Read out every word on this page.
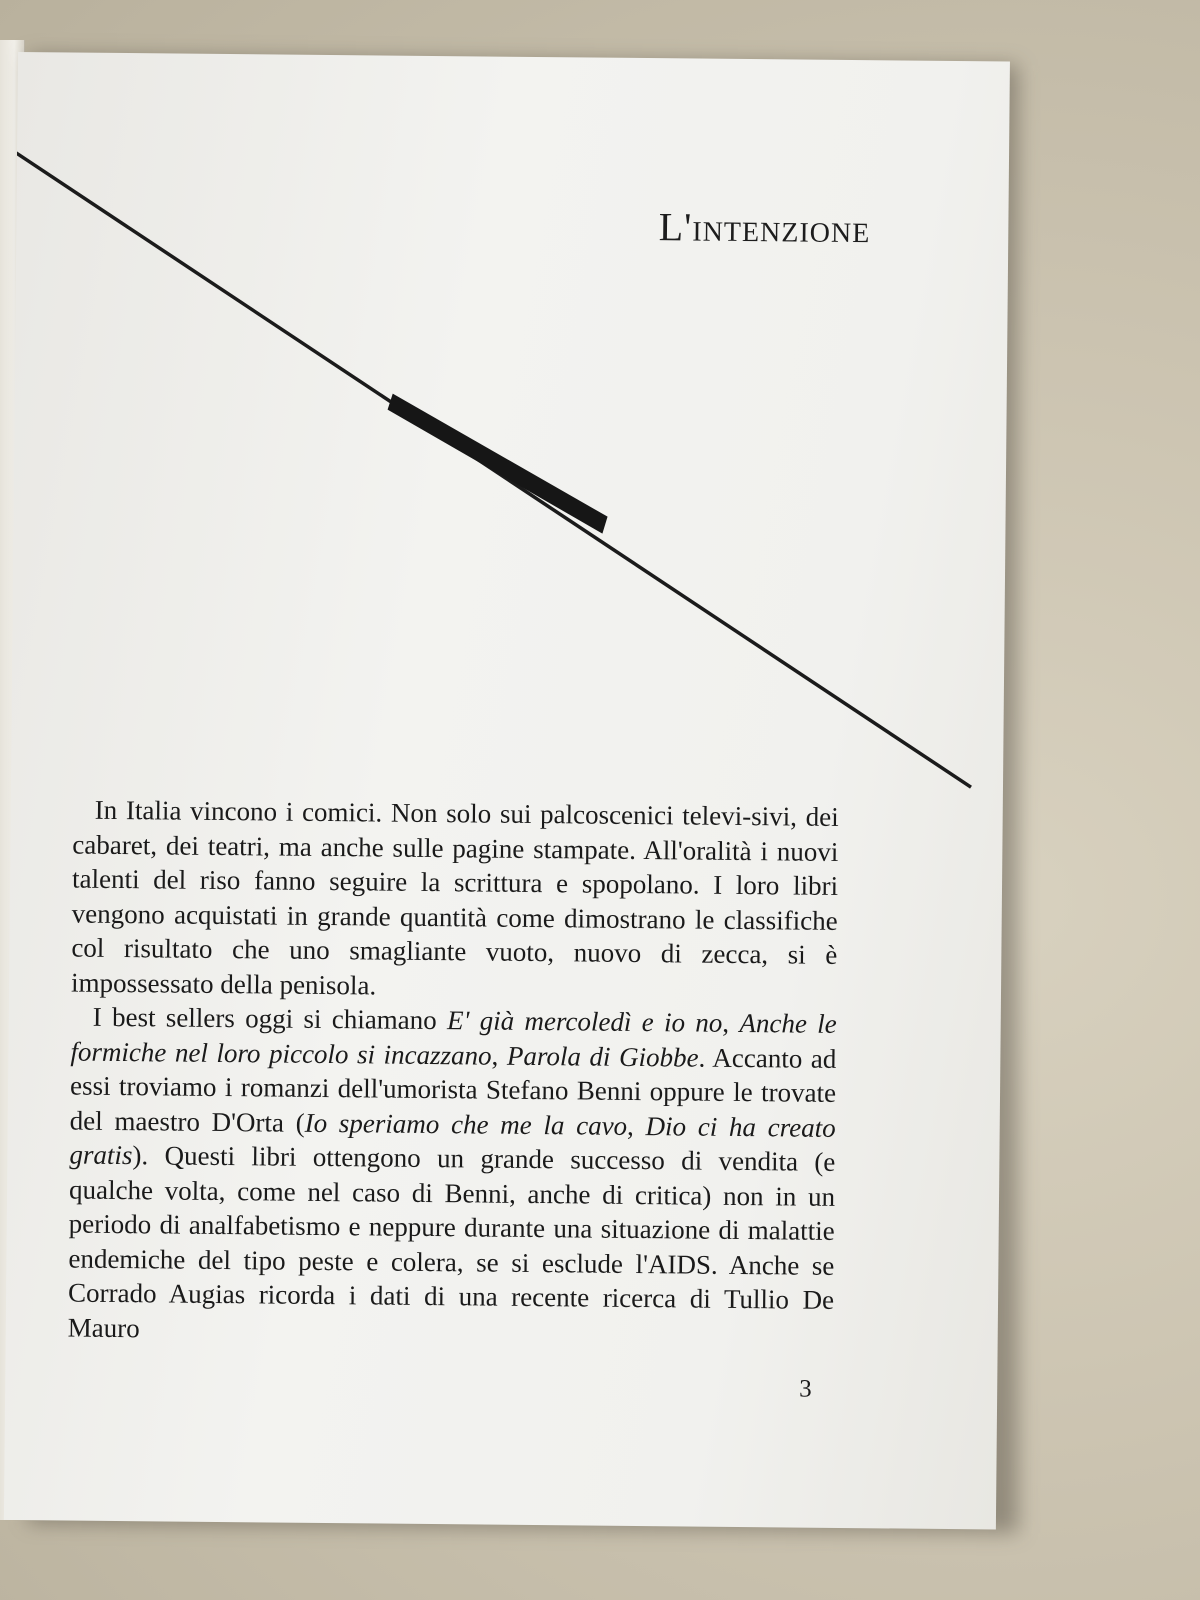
L'intenzione

In Italia vincono i comici. Non solo sui palcoscenici televi-sivi, dei cabaret, dei teatri, ma anche sulle pagine stampate. All'oralità i nuovi talenti del riso fanno seguire la scrittura e spopolano. I loro libri vengono acquistati in grande quantità come dimostrano le classifiche col risultato che uno smagliante vuoto, nuovo di zecca, si è impossessato della penisola.

I best sellers oggi si chiamano E' già mercoledì e io no, Anche le formiche nel loro piccolo si incazzano, Parola di Giobbe. Accanto ad essi troviamo i romanzi dell'umorista Stefano Benni oppure le trovate del maestro D'Orta (Io speriamo che me la cavo, Dio ci ha creato gratis). Questi libri ottengono un grande successo di vendita (e qualche volta, come nel caso di Benni, anche di critica) non in un periodo di analfabetismo e neppure durante una situazione di malattie endemiche del tipo peste e colera, se si esclude l'AIDS. Anche se Corrado Augias ricorda i dati di una recente ricerca di Tullio De Mauro

3
